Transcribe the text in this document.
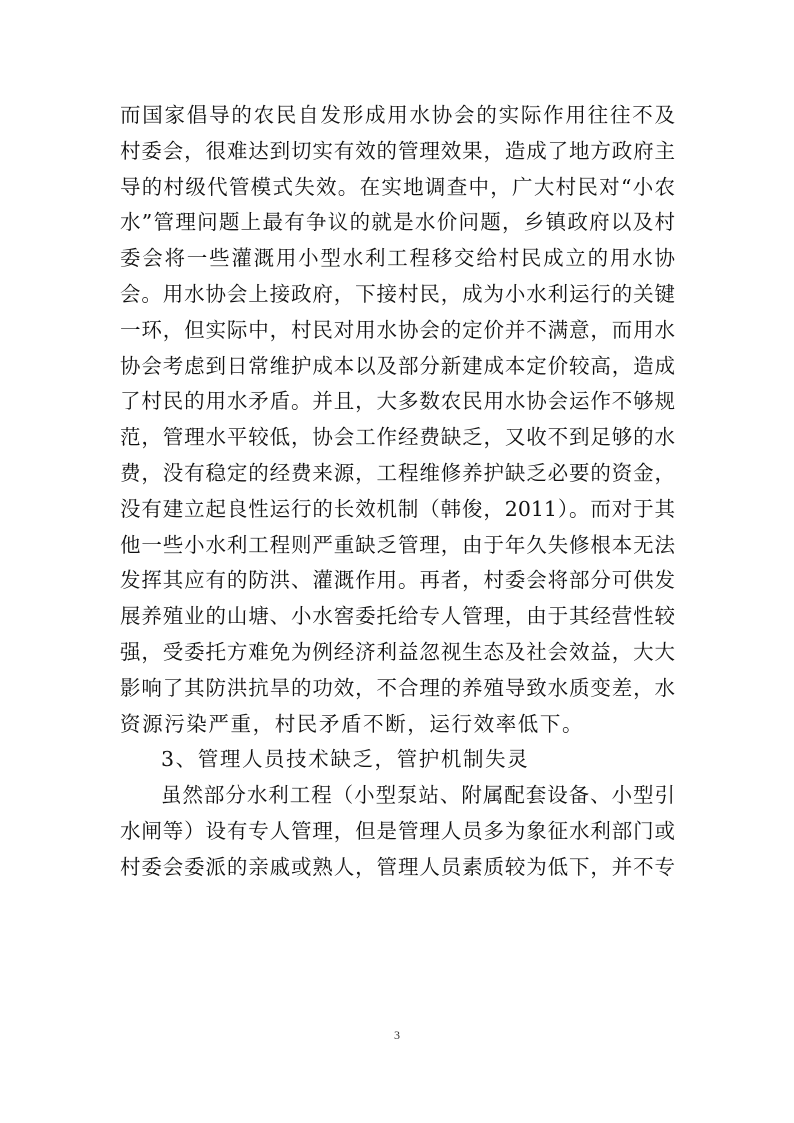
而国家倡导的农民自发形成用水协会的实际作用往往不及
村委会，很难达到切实有效的管理效果，造成了地方政府主
导的村级代管模式失效。在实地调查中，广大村民对“小农
水”管理问题上最有争议的就是水价问题，乡镇政府以及村
委会将一些灌溉用小型水利工程移交给村民成立的用水协
会。用水协会上接政府，下接村民，成为小水利运行的关键
一环，但实际中，村民对用水协会的定价并不满意，而用水
协会考虑到日常维护成本以及部分新建成本定价较高，造成
了村民的用水矛盾。并且，大多数农民用水协会运作不够规
范，管理水平较低，协会工作经费缺乏，又收不到足够的水
费，没有稳定的经费来源，工程维修养护缺乏必要的资金，
没有建立起良性运行的长效机制（韩俊，2011）。而对于其
他一些小水利工程则严重缺乏管理，由于年久失修根本无法
发挥其应有的防洪、灌溉作用。再者，村委会将部分可供发
展养殖业的山塘、小水窖委托给专人管理，由于其经营性较
强，受委托方难免为例经济利益忽视生态及社会效益，大大
影响了其防洪抗旱的功效，不合理的养殖导致水质变差，水
资源污染严重，村民矛盾不断，运行效率低下。
3、管理人员技术缺乏，管护机制失灵
虽然部分水利工程（小型泵站、附属配套设备、小型引
水闸等）设有专人管理，但是管理人员多为象征水利部门或
村委会委派的亲戚或熟人，管理人员素质较为低下，并不专
3
